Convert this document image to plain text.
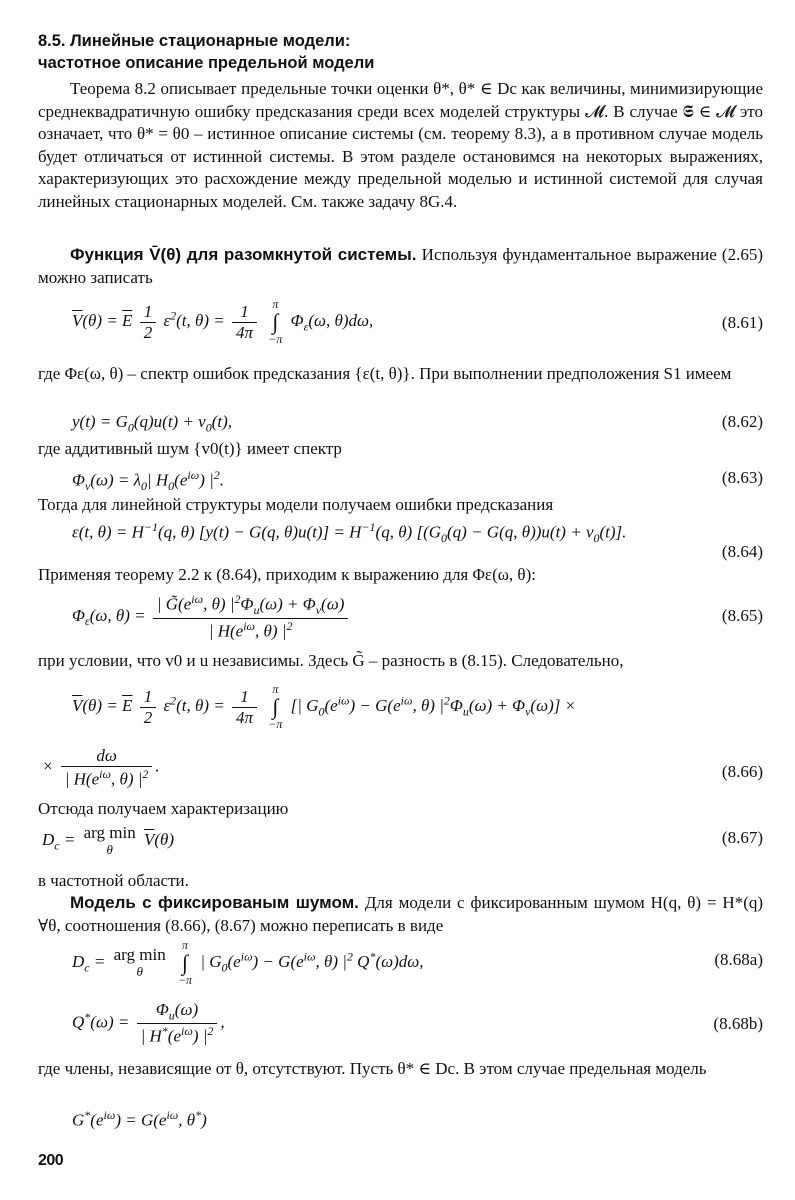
8.5. Линейные стационарные модели:
частотное описание предельной модели

Теорема 8.2 описывает предельные точки оценки θ*, θ* ∈ Dc как величины, минимизирующие среднеквадратичную ошибку предсказания среди всех моделей структуры 𝓜. В случае 𝕾 ∈ 𝓜 это означает, что θ* = θ0 – истинное описание системы (см. теорему 8.3), а в противном случае модель будет отличаться от истинной системы. В этом разделе остановимся на некоторых выражениях, характеризующих это расхождение между предельной моделью и истинной системой для случая линейных стационарных моделей. См. также задачу 8G.4.

Функция V̄(θ) для разомкнутой системы. Используя фундаментальное выражение (2.65) можно записать

$\overline{V}(\theta) = \overline{E} \frac{1}{2} \varepsilon^2(t$, $\theta) = \frac{1}{4\pi}$
	π
∫
−π
$\Phi_\varepsilon(\omega$, θ)dω,	(8.61)

где Φε(ω, θ) – спектр ошибок предсказания {ε(t, θ)}. При выполнении предположения S1 имеем

$y(t) = G_0(q)u(t) + v_0(t)$,	(8.62)

где аддитивный шум {v0(t)} имеет спектр

$\Phi_v(\omega) = \lambda_0|$ $H_0(e^{i\omega})$ $|^2$.	(8.63)

Тогда для линейной структуры модели получаем ошибки предсказания

ε(t, $\theta) = H^{-1}(q$, θ) [y(t) − G(q, $\theta)u(t)] = H^{-1}(q$, θ) [($G_0(q) - G(q$, $\theta))u(t) + v_0(t)$].
(8.64)

Применяя теорему 2.2 к (8.64), приходим к выражению для Φε(ω, θ):

$\Phi_\varepsilon(\omega$, $\theta) = \frac{| G̃(e^{i\omega}, \theta) |^2\Phi_u(\omega) + \Phi_v(\omega)}{| H(e^{i\omega}, \theta) |^2}$	(8.65)

при условии, что v0 и u независимы. Здесь G̃ – разность в (8.15). Следовательно,

$\overline{V}(\theta) = \overline{E} \frac{1}{2} \varepsilon^2(t$, $\theta) = \frac{1}{4\pi}$
	π
∫
−π
[| $G_0(e^{i\omega}) - G(e^{i\omega}$, θ) $|^2\Phi_u(\omega) + \Phi_v(\omega)$] ×
× $\frac{d\omega}{| H(e^{i\omega}, \theta) |^2}$ .	(8.66)

Отсюда получаем характеризацию

$D_c$ = arg min
θ
$\overline{V}(\theta)$	(8.67)

в частотной области.

Модель с фиксированым шумом. Для модели с фиксированным шумом H(q, θ) = H*(q) ∀θ, соотношения (8.66), (8.67) можно переписать в виде

$D_c$ = arg min
θ

π
∫
−π
| $G_0(e^{i\omega}) - G(e^{i\omega}$, θ) $|^2$ Q*(ω)dω,	(8.68a)
$Q^*(\omega) = \frac{\Phi_u(\omega)}{| H^*(e^{i\omega}) |^2}$ ,	(8.68b)

где члены, независящие от θ, отсутствуют. Пусть θ* ∈ Dc. В этом случае предельная модель

$G^*(e^{i\omega}) = G(e^{i\omega}$, θ*)
200
